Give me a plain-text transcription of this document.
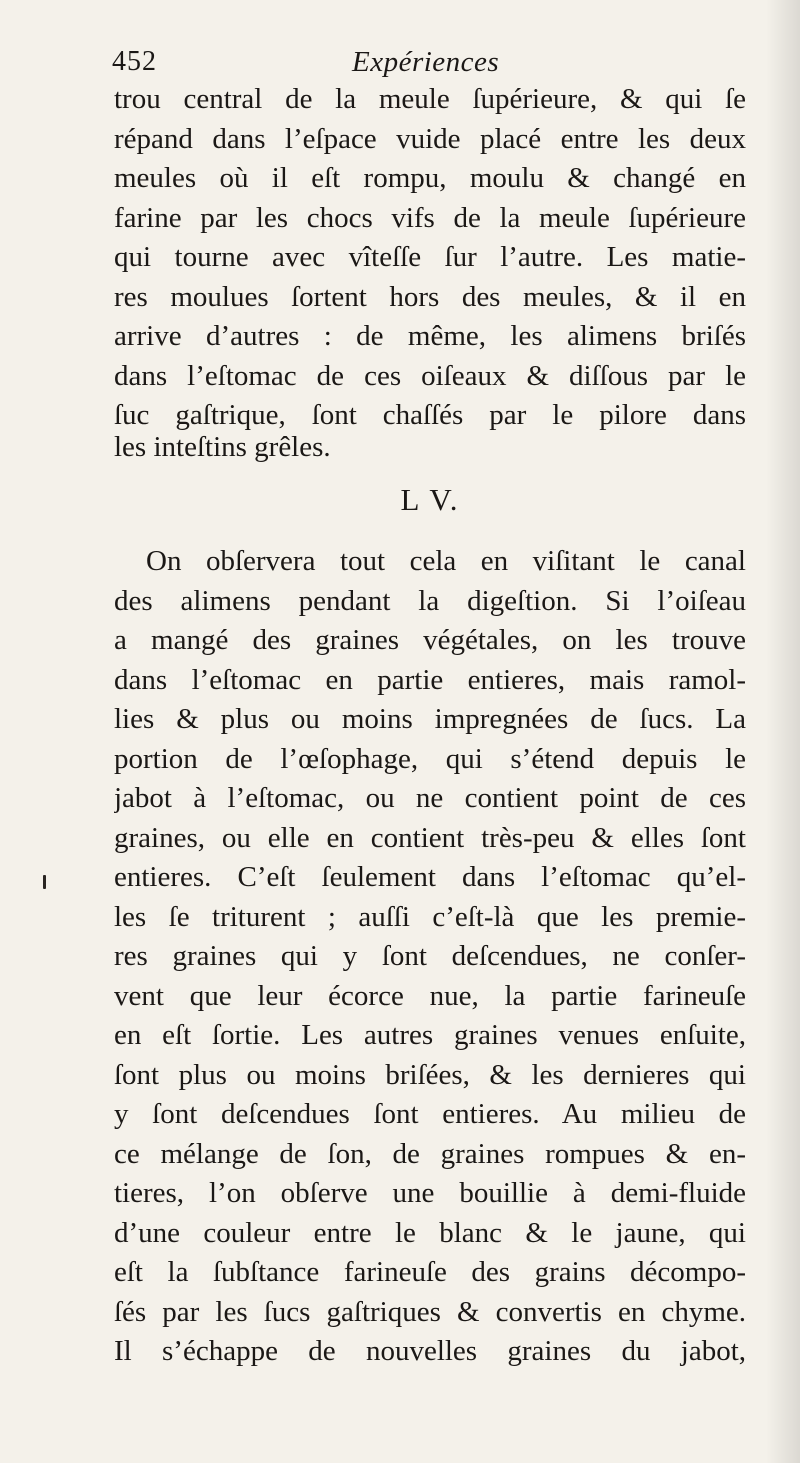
452	Expériences
trou central de la meule ſupérieure, & qui ſe
répand dans l’eſpace vuide placé entre les deux
meules où il eſt rompu, moulu & changé en
farine par les chocs vifs de la meule ſupérieure
qui tourne avec vîteſſe ſur l’autre. Les matie-
res moulues ſortent hors des meules, & il en
arrive d’autres : de même, les alimens briſés
dans l’eſtomac de ces oiſeaux & diſſous par le
ſuc gaſtrique, ſont chaſſés par le pilore dans
les inteſtins grêles.
L V.
On obſervera tout cela en viſitant le canal
des alimens pendant la digeſtion. Si l’oiſeau
a mangé des graines végétales, on les trouve
dans l’eſtomac en partie entieres, mais ramol-
lies & plus ou moins impregnées de ſucs. La
portion de l’œſophage, qui s’étend depuis le
jabot à l’eſtomac, ou ne contient point de ces
graines, ou elle en contient très-peu & elles ſont
entieres. C’eſt ſeulement dans l’eſtomac qu’el-
les ſe triturent ; auſſi c’eſt-là que les premie-
res graines qui y ſont deſcendues, ne conſer-
vent que leur écorce nue, la partie farineuſe
en eſt ſortie. Les autres graines venues enſuite,
ſont plus ou moins briſées, & les dernieres qui
y ſont deſcendues ſont entieres. Au milieu de
ce mélange de ſon, de graines rompues & en-
tieres, l’on obſerve une bouillie à demi-fluide
d’une couleur entre le blanc & le jaune, qui
eſt la ſubſtance farineuſe des grains décompo-
ſés par les ſucs gaſtriques & convertis en chyme.
Il s’échappe de nouvelles graines du jabot,
